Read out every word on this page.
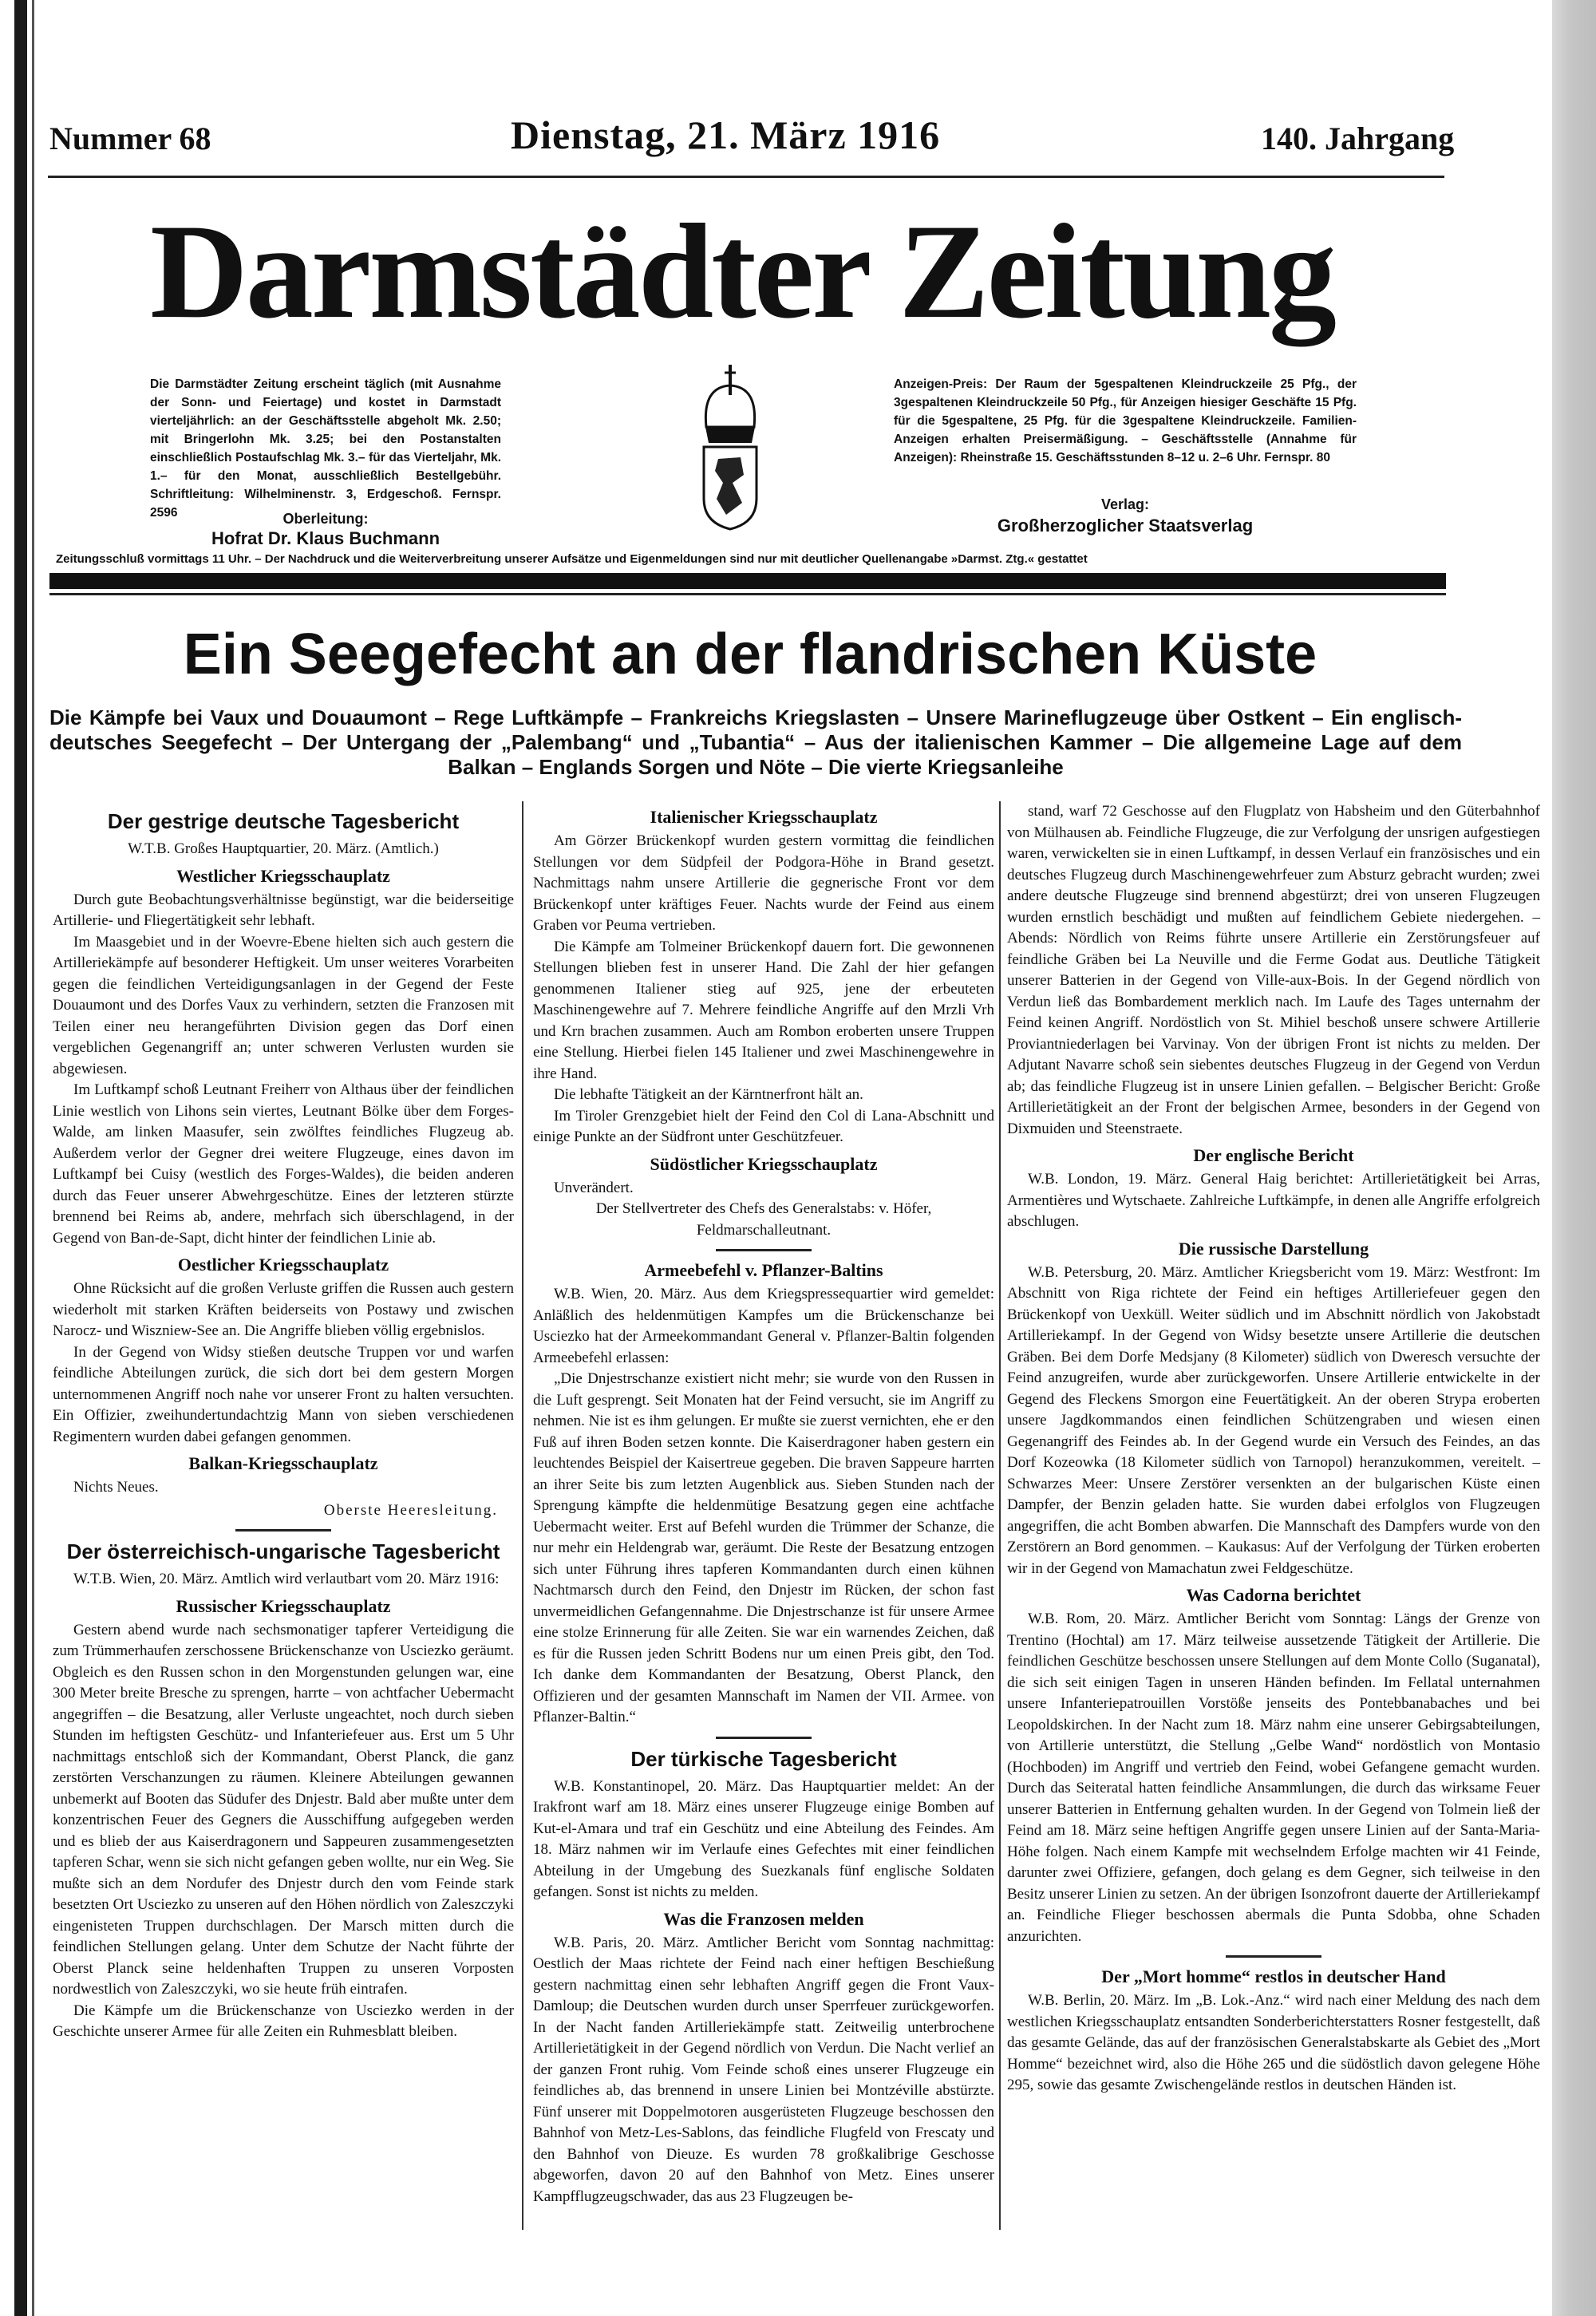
Nummer 68	Dienstag, 21. März 1916	140. Jahrgang
Darmstädter Zeitung
Die Darmstädter Zeitung erscheint täglich (mit Ausnahme der Sonn- und Feiertage) und kostet in Darmstadt vierteljährlich: an der Geschäftsstelle abgeholt Mk. 2.50; mit Bringerlohn Mk. 3.25; bei den Postanstalten einschließlich Postaufschlag Mk. 3.– für das Vierteljahr, Mk. 1.– für den Monat, ausschließlich Bestellgebühr. Schriftleitung: Wilhelminenstr. 3, Erdgeschoß. Fernspr. 2596	Oberleitung:
Hofrat Dr. Klaus Buchmann
Anzeigen-Preis: Der Raum der 5gespaltenen Kleindruckzeile 25 Pfg., der 3gespaltenen Kleindruckzeile 50 Pfg., für Anzeigen hiesiger Geschäfte 15 Pfg. für die 5gespaltene, 25 Pfg. für die 3gespaltene Kleindruckzeile. Familien-Anzeigen erhalten Preisermäßigung. – Geschäftsstelle (Annahme für Anzeigen): Rheinstraße 15. Geschäftsstunden 8–12 u. 2–6 Uhr. Fernspr. 80
Verlag:
Großherzoglicher Staatsverlag
Zeitungsschluß vormittags 11 Uhr. – Der Nachdruck und die Weiterverbreitung unserer Aufsätze und Eigenmeldungen sind nur mit deutlicher Quellenangabe »Darmst. Ztg.« gestattet
Ein Seegefecht an der flandrischen Küste
Die Kämpfe bei Vaux und Douaumont – Rege Luftkämpfe – Frankreichs Kriegslasten – Unsere Marineflugzeuge über Ostkent – Ein englisch-deutsches Seegefecht – Der Untergang der „Palembang“ und „Tubantia“ – Aus der italienischen Kammer – Die allgemeine Lage auf dem Balkan – Englands Sorgen und Nöte – Die vierte Kriegsanleihe
Der gestrige deutsche Tagesbericht
W.T.B. Großes Hauptquartier, 20. März. (Amtlich.)
Westlicher Kriegsschauplatz

Durch gute Beobachtungsverhältnisse begünstigt, war die beiderseitige Artillerie- und Fliegertätigkeit sehr lebhaft.

Im Maasgebiet und in der Woevre-Ebene hielten sich auch gestern die Artilleriekämpfe auf besonderer Heftigkeit. Um unser weiteres Vorarbeiten gegen die feindlichen Verteidigungsanlagen in der Gegend der Feste Douaumont und des Dorfes Vaux zu verhindern, setzten die Franzosen mit Teilen einer neu herangeführten Division gegen das Dorf einen vergeblichen Gegenangriff an; unter schweren Verlusten wurden sie abgewiesen.

Im Luftkampf schoß Leutnant Freiherr von Althaus über der feindlichen Linie westlich von Lihons sein viertes, Leutnant Bölke über dem Forges-Walde, am linken Maasufer, sein zwölftes feindliches Flugzeug ab. Außerdem verlor der Gegner drei weitere Flugzeuge, eines davon im Luftkampf bei Cuisy (westlich des Forges-Waldes), die beiden anderen durch das Feuer unserer Abwehrgeschütze. Eines der letzteren stürzte brennend bei Reims ab, andere, mehrfach sich überschlagend, in der Gegend von Ban-de-Sapt, dicht hinter der feindlichen Linie ab.

Oestlicher Kriegsschauplatz

Ohne Rücksicht auf die großen Verluste griffen die Russen auch gestern wiederholt mit starken Kräften beiderseits von Postawy und zwischen Narocz- und Wiszniew-See an. Die Angriffe blieben völlig ergebnislos.

In der Gegend von Widsy stießen deutsche Truppen vor und warfen feindliche Abteilungen zurück, die sich dort bei dem gestern Morgen unternommenen Angriff noch nahe vor unserer Front zu halten versuchten. Ein Offizier, zweihundertundachtzig Mann von sieben verschiedenen Regimentern wurden dabei gefangen genommen.

Balkan-Kriegsschauplatz

Nichts Neues.

Oberste Heeresleitung.
Der österreichisch-ungarische Tagesbericht

W.T.B. Wien, 20. März. Amtlich wird verlautbart vom 20. März 1916:

Russischer Kriegsschauplatz

Gestern abend wurde nach sechsmonatiger tapferer Verteidigung die zum Trümmerhaufen zerschossene Brückenschanze von Usciezko geräumt. Obgleich es den Russen schon in den Morgenstunden gelungen war, eine 300 Meter breite Bresche zu sprengen, harrte – von achtfacher Uebermacht angegriffen – die Besatzung, aller Verluste ungeachtet, noch durch sieben Stunden im heftigsten Geschütz- und Infanteriefeuer aus. Erst um 5 Uhr nachmittags entschloß sich der Kommandant, Oberst Planck, die ganz zerstörten Verschanzungen zu räumen. Kleinere Abteilungen gewannen unbemerkt auf Booten das Südufer des Dnjestr. Bald aber mußte unter dem konzentrischen Feuer des Gegners die Ausschiffung aufgegeben werden und es blieb der aus Kaiserdragonern und Sappeuren zusammengesetzten tapferen Schar, wenn sie sich nicht gefangen geben wollte, nur ein Weg. Sie mußte sich an dem Nordufer des Dnjestr durch den vom Feinde stark besetzten Ort Usciezko zu unseren auf den Höhen nördlich von Zaleszczyki eingenisteten Truppen durchschlagen. Der Marsch mitten durch die feindlichen Stellungen gelang. Unter dem Schutze der Nacht führte der Oberst Planck seine heldenhaften Truppen zu unseren Vorposten nordwestlich von Zaleszczyki, wo sie heute früh eintrafen.

Die Kämpfe um die Brückenschanze von Usciezko werden in der Geschichte unserer Armee für alle Zeiten ein Ruhmesblatt bleiben.

Italienischer Kriegsschauplatz

Am Görzer Brückenkopf wurden gestern vormittag die feindlichen Stellungen vor dem Südpfeil der Podgora-Höhe in Brand gesetzt. Nachmittags nahm unsere Artillerie die gegnerische Front vor dem Brückenkopf unter kräftiges Feuer. Nachts wurde der Feind aus einem Graben vor Peuma vertrieben.

Die Kämpfe am Tolmeiner Brückenkopf dauern fort. Die gewonnenen Stellungen blieben fest in unserer Hand. Die Zahl der hier gefangen genommenen Italiener stieg auf 925, jene der erbeuteten Maschinengewehre auf 7. Mehrere feindliche Angriffe auf den Mrzli Vrh und Krn brachen zusammen. Auch am Rombon eroberten unsere Truppen eine Stellung. Hierbei fielen 145 Italiener und zwei Maschinengewehre in ihre Hand.

Die lebhafte Tätigkeit an der Kärntnerfront hält an.

Im Tiroler Grenzgebiet hielt der Feind den Col di Lana-Abschnitt und einige Punkte an der Südfront unter Geschützfeuer.

Südöstlicher Kriegsschauplatz

Unverändert.

Der Stellvertreter des Chefs des Generalstabs: v. Höfer, Feldmarschalleutnant.
Armeebefehl v. Pflanzer-Baltins

W.B. Wien, 20. März. Aus dem Kriegspressequartier wird gemeldet: Anläßlich des heldenmütigen Kampfes um die Brückenschanze bei Usciezko hat der Armeekommandant General v. Pflanzer-Baltin folgenden Armeebefehl erlassen:

„Die Dnjestrschanze existiert nicht mehr; sie wurde von den Russen in die Luft gesprengt. Seit Monaten hat der Feind versucht, sie im Angriff zu nehmen. Nie ist es ihm gelungen. Er mußte sie zuerst vernichten, ehe er den Fuß auf ihren Boden setzen konnte. Die Kaiserdragoner haben gestern ein leuchtendes Beispiel der Kaisertreue gegeben. Die braven Sappeure harrten an ihrer Seite bis zum letzten Augenblick aus. Sieben Stunden nach der Sprengung kämpfte die heldenmütige Besatzung gegen eine achtfache Uebermacht weiter. Erst auf Befehl wurden die Trümmer der Schanze, die nur mehr ein Heldengrab war, geräumt. Die Reste der Besatzung entzogen sich unter Führung ihres tapferen Kommandanten durch einen kühnen Nachtmarsch durch den Feind, den Dnjestr im Rücken, der schon fast unvermeidlichen Gefangennahme. Die Dnjestrschanze ist für unsere Armee eine stolze Erinnerung für alle Zeiten. Sie war ein warnendes Zeichen, daß es für die Russen jeden Schritt Bodens nur um einen Preis gibt, den Tod. Ich danke dem Kommandanten der Besatzung, Oberst Planck, den Offizieren und der gesamten Mannschaft im Namen der VII. Armee. von Pflanzer-Baltin.“

Der türkische Tagesbericht

W.B. Konstantinopel, 20. März. Das Hauptquartier meldet: An der Irakfront warf am 18. März eines unserer Flugzeuge einige Bomben auf Kut-el-Amara und traf ein Geschütz und eine Abteilung des Feindes. Am 18. März nahmen wir im Verlaufe eines Gefechtes mit einer feindlichen Abteilung in der Umgebung des Suezkanals fünf englische Soldaten gefangen. Sonst ist nichts zu melden.

Was die Franzosen melden

W.B. Paris, 20. März. Amtlicher Bericht vom Sonntag nachmittag: Oestlich der Maas richtete der Feind nach einer heftigen Beschießung gestern nachmittag einen sehr lebhaften Angriff gegen die Front Vaux-Damloup; die Deutschen wurden durch unser Sperrfeuer zurückgeworfen. In der Nacht fanden Artilleriekämpfe statt. Zeitweilig unterbrochene Artillerietätigkeit in der Gegend nördlich von Verdun. Die Nacht verlief an der ganzen Front ruhig. Vom Feinde schoß eines unserer Flugzeuge ein feindliches ab, das brennend in unsere Linien bei Montzéville abstürzte. Fünf unserer mit Doppelmotoren ausgerüsteten Flugzeuge beschossen den Bahnhof von Metz-Les-Sablons, das feindliche Flugfeld von Frescaty und den Bahnhof von Dieuze. Es wurden 78 großkalibrige Geschosse abgeworfen, davon 20 auf den Bahnhof von Metz. Eines unserer Kampfflugzeugschwader, das aus 23 Flugzeugen be-

stand, warf 72 Geschosse auf den Flugplatz von Habsheim und den Güterbahnhof von Mülhausen ab. Feindliche Flugzeuge, die zur Verfolgung der unsrigen aufgestiegen waren, verwickelten sie in einen Luftkampf, in dessen Verlauf ein französisches und ein deutsches Flugzeug durch Maschinengewehrfeuer zum Absturz gebracht wurden; zwei andere deutsche Flugzeuge sind brennend abgestürzt; drei von unseren Flugzeugen wurden ernstlich beschädigt und mußten auf feindlichem Gebiete niedergehen. – Abends: Nördlich von Reims führte unsere Artillerie ein Zerstörungsfeuer auf feindliche Gräben bei La Neuville und die Ferme Godat aus. Deutliche Tätigkeit unserer Batterien in der Gegend von Ville-aux-Bois. In der Gegend nördlich von Verdun ließ das Bombardement merklich nach. Im Laufe des Tages unternahm der Feind keinen Angriff. Nordöstlich von St. Mihiel beschoß unsere schwere Artillerie Proviantniederlagen bei Varvinay. Von der übrigen Front ist nichts zu melden. Der Adjutant Navarre schoß sein siebentes deutsches Flugzeug in der Gegend von Verdun ab; das feindliche Flugzeug ist in unsere Linien gefallen. – Belgischer Bericht: Große Artillerietätigkeit an der Front der belgischen Armee, besonders in der Gegend von Dixmuiden und Steenstraete.

Der englische Bericht

W.B. London, 19. März. General Haig berichtet: Artillerietätigkeit bei Arras, Armentières und Wytschaete. Zahlreiche Luftkämpfe, in denen alle Angriffe erfolgreich abschlugen.

Die russische Darstellung

W.B. Petersburg, 20. März. Amtlicher Kriegsbericht vom 19. März: Westfront: Im Abschnitt von Riga richtete der Feind ein heftiges Artilleriefeuer gegen den Brückenkopf von Uexküll. Weiter südlich und im Abschnitt nördlich von Jakobstadt Artilleriekampf. In der Gegend von Widsy besetzte unsere Artillerie die deutschen Gräben. Bei dem Dorfe Medsjany (8 Kilometer) südlich von Dweresch versuchte der Feind anzugreifen, wurde aber zurückgeworfen. Unsere Artillerie entwickelte in der Gegend des Fleckens Smorgon eine Feuertätigkeit. An der oberen Strypa eroberten unsere Jagdkommandos einen feindlichen Schützengraben und wiesen einen Gegenangriff des Feindes ab. In der Gegend wurde ein Versuch des Feindes, an das Dorf Kozeowka (18 Kilometer südlich von Tarnopol) heranzukommen, vereitelt. – Schwarzes Meer: Unsere Zerstörer versenkten an der bulgarischen Küste einen Dampfer, der Benzin geladen hatte. Sie wurden dabei erfolglos von Flugzeugen angegriffen, die acht Bomben abwarfen. Die Mannschaft des Dampfers wurde von den Zerstörern an Bord genommen. – Kaukasus: Auf der Verfolgung der Türken eroberten wir in der Gegend von Mamachatun zwei Feldgeschütze.

Was Cadorna berichtet

W.B. Rom, 20. März. Amtlicher Bericht vom Sonntag: Längs der Grenze von Trentino (Hochtal) am 17. März teilweise aussetzende Tätigkeit der Artillerie. Die feindlichen Geschütze beschossen unsere Stellungen auf dem Monte Collo (Suganatal), die sich seit einigen Tagen in unseren Händen befinden. Im Fellatal unternahmen unsere Infanteriepatrouillen Vorstöße jenseits des Pontebbanabaches und bei Leopoldskirchen. In der Nacht zum 18. März nahm eine unserer Gebirgsabteilungen, von Artillerie unterstützt, die Stellung „Gelbe Wand“ nordöstlich von Montasio (Hochboden) im Angriff und vertrieb den Feind, wobei Gefangene gemacht wurden. Durch das Seiteratal hatten feindliche Ansammlungen, die durch das wirksame Feuer unserer Batterien in Entfernung gehalten wurden. In der Gegend von Tolmein ließ der Feind am 18. März seine heftigen Angriffe gegen unsere Linien auf der Santa-Maria-Höhe folgen. Nach einem Kampfe mit wechselndem Erfolge machten wir 41 Feinde, darunter zwei Offiziere, gefangen, doch gelang es dem Gegner, sich teilweise in den Besitz unserer Linien zu setzen. An der übrigen Isonzofront dauerte der Artilleriekampf an. Feindliche Flieger beschossen abermals die Punta Sdobba, ohne Schaden anzurichten.

Der „Mort homme“ restlos in deutscher Hand

W.B. Berlin, 20. März. Im „B. Lok.-Anz.“ wird nach einer Meldung des nach dem westlichen Kriegsschauplatz entsandten Sonderberichterstatters Rosner festgestellt, daß das gesamte Gelände, das auf der französischen Generalstabskarte als Gebiet des „Mort Homme“ bezeichnet wird, also die Höhe 265 und die südöstlich davon gelegene Höhe 295, sowie das gesamte Zwischengelände restlos in deutschen Händen ist.
